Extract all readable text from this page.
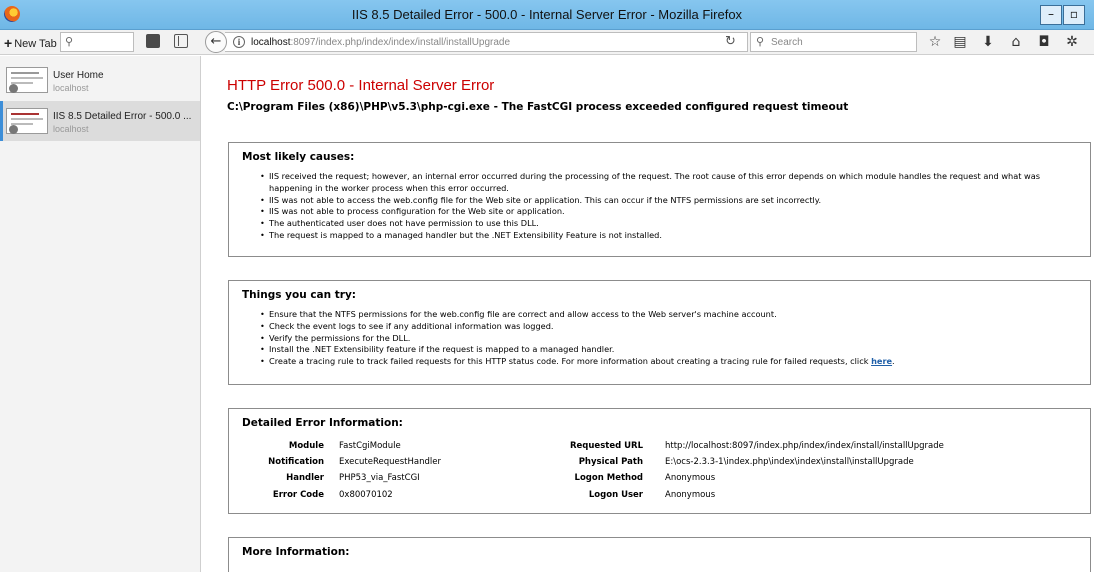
IIS 8.5 Detailed Error - 500.0 - Internal Server Error - Mozilla Firefox	–	▫
+ New Tab ⚲	i	localhost:8097/index.php/index/index/install/installUpgrade	↻
←	⚲ Search	☆ ▤ ⬇	⌂	◘ ✲
User Home
localhost
IIS 8.5 Detailed Error - 500.0 ...
localhost
HTTP Error 500.0 - Internal Server Error
C:\Program Files (x86)\PHP\v5.3\php-cgi.exe - The FastCGI process exceeded configured request timeout
Most likely causes:
• IIS received the request; however, an internal error occurred during the processing of the request. The root cause of this error depends on which module handles the request and what was happening in the worker process when this error occurred.
• IIS was not able to access the web.config file for the Web site or application. This can occur if the NTFS permissions are set incorrectly.
• IIS was not able to process configuration for the Web site or application.
• The authenticated user does not have permission to use this DLL.
• The request is mapped to a managed handler but the .NET Extensibility Feature is not installed.
Things you can try:
• Ensure that the NTFS permissions for the web.config file are correct and allow access to the Web server's machine account.
• Check the event logs to see if any additional information was logged.
• Verify the permissions for the DLL.
• Install the .NET Extensibility feature if the request is mapped to a managed handler.
• Create a tracing rule to track failed requests for this HTTP status code. For more information about creating a tracing rule for failed requests, click here.
Detailed Error Information:
Module FastCgiModule	Requested URL	http://localhost:8097/index.php/index/index/install/installUpgrade
Notification ExecuteRequestHandler	Physical Path	E:\ocs-2.3.3-1\index.php\index\index\install\installUpgrade
Handler PHP53_via_FastCGI	Logon Method	Anonymous
Error Code 0x80070102	Logon User	Anonymous
More Information:
